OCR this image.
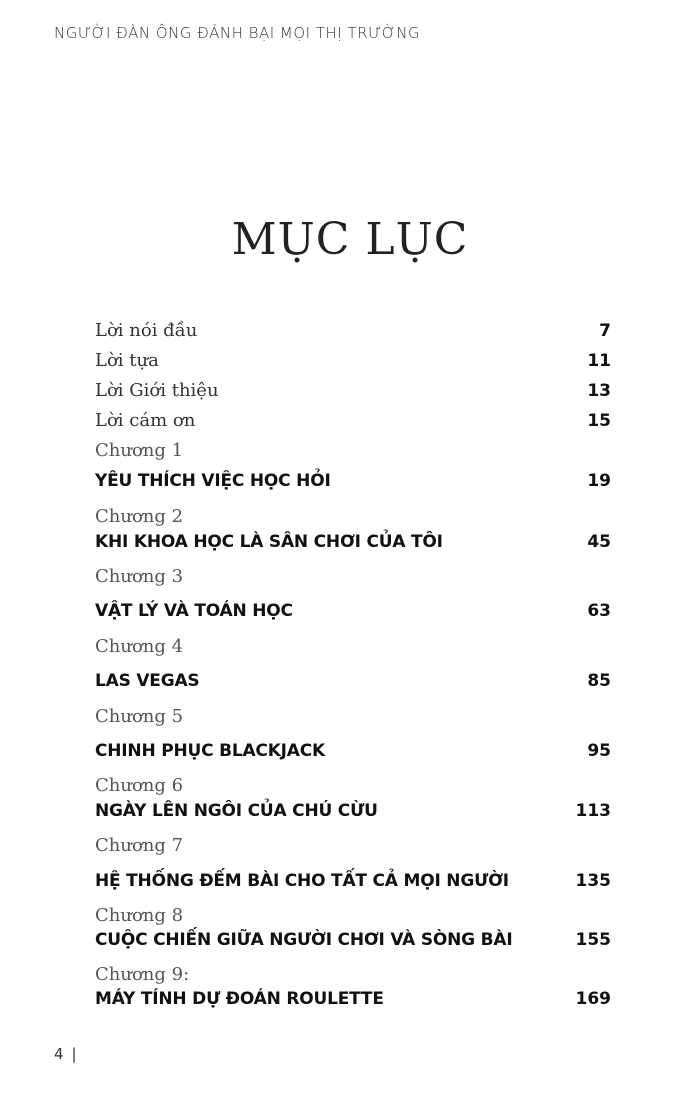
NGƯỜI ĐÀN ÔNG ĐÁNH BẠI MỌI THỊ TRƯỜNG
MỤC LỤC
Lời nói đầu	7
Lời tựa	11
Lời Giới thiệu	13
Lời cám ơn	15
Chương 1
YÊU THÍCH VIỆC HỌC HỎI	19
Chương 2
KHI KHOA HỌC LÀ SÂN CHƠI CỦA TÔI	45
Chương 3
VẬT LÝ VÀ TOÁN HỌC	63
Chương 4
LAS VEGAS	85
Chương 5
CHINH PHỤC BLACKJACK	95
Chương 6
NGÀY LÊN NGÔI CỦA CHÚ CỪU	113
Chương 7
HỆ THỐNG ĐẾM BÀI CHO TẤT CẢ MỌI NGƯỜI	135
Chương 8
CUỘC CHIẾN GIỮA NGƯỜI CHƠI VÀ SÒNG BÀI	155
Chương 9:
MÁY TÍNH DỰ ĐOÁN ROULETTE	169
4 |
